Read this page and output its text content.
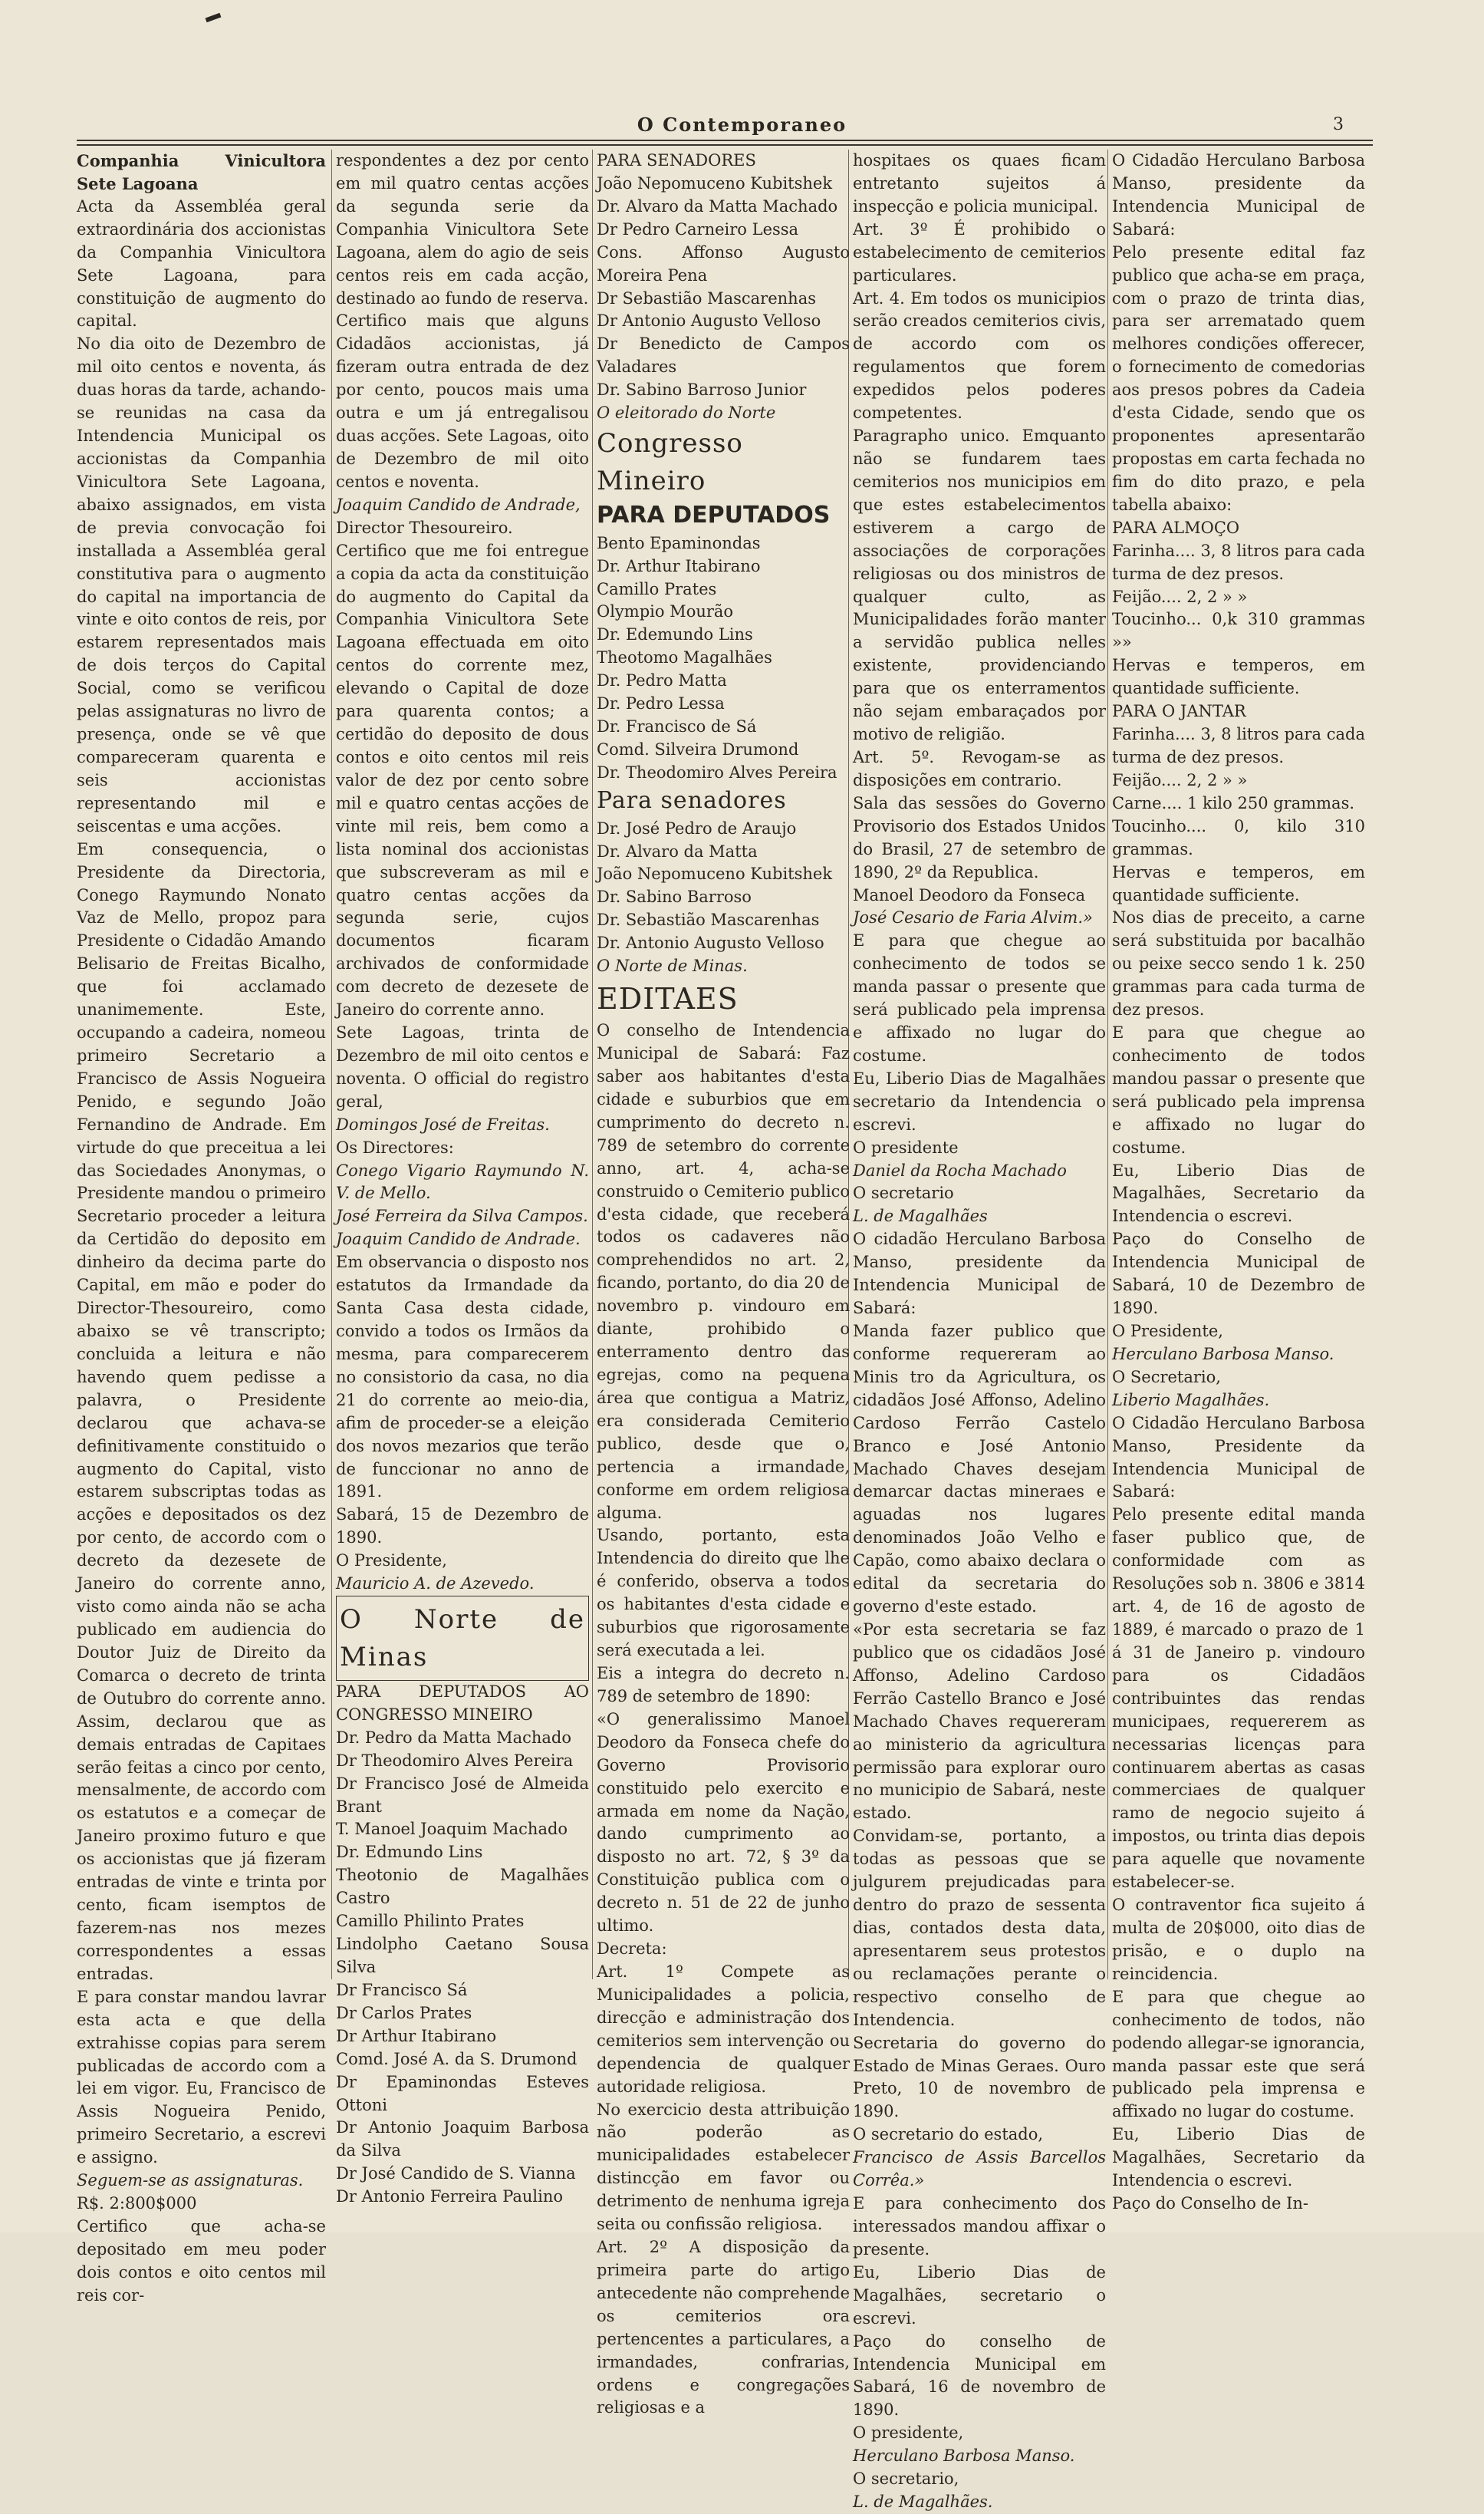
O Contemporaneo	3

Companhia Vinicultora Sete Lagoana

Acta da Assembléa geral extraordinária dos accionistas da Companhia Vinicultora Sete Lagoana, para constituição de augmento do capital.

No dia oito de Dezembro de mil oito centos e noventa, ás duas horas da tarde, achando-se reunidas na casa da Intendencia Municipal os accionistas da Companhia Vinicultora Sete Lagoana, abaixo assignados, em vista de previa convocação foi installada a Assembléa geral constitutiva para o augmento do capital na importancia de vinte e oito contos de reis, por estarem representados mais de dois terços do Capital Social, como se verificou pelas assignaturas no livro de presença, onde se vê que compareceram quarenta e seis accionistas representando mil e seiscentas e uma acções.

Em consequencia, o Presidente da Directoria, Conego Raymundo Nonato Vaz de Mello, propoz para Presidente o Cidadão Amando Belisario de Freitas Bicalho, que foi acclamado unanimemente. Este, occupando a cadeira, nomeou primeiro Secretario a Francisco de Assis Nogueira Penido, e segundo João Fernandino de Andrade. Em virtude do que preceitua a lei das Sociedades Anonymas, o Presidente mandou o primeiro Secretario proceder a leitura da Certidão do deposito em dinheiro da decima parte do Capital, em mão e poder do Director-Thesoureiro, como abaixo se vê transcripto; concluida a leitura e não havendo quem pedisse a palavra, o Presidente declarou que achava-se definitivamente constituido o augmento do Capital, visto estarem subscriptas todas as acções e depositados os dez por cento, de accordo com o decreto da dezesete de Janeiro do corrente anno, visto como ainda não se acha publicado em audiencia do Doutor Juiz de Direito da Comarca o decreto de trinta de Outubro do corrente anno. Assim, declarou que as demais entradas de Capitaes serão feitas a cinco por cento, mensalmente, de accordo com os estatutos e a começar de Janeiro proximo futuro e que os accionistas que já fizeram entradas de vinte e trinta por cento, ficam isemptos de fazerem-nas nos mezes correspondentes a essas entradas.

E para constar mandou lavrar esta acta e que della extrahisse copias para serem publicadas de accordo com a lei em vigor. Eu, Francisco de Assis Nogueira Penido, primeiro Secretario, a escrevi e assigno.

Seguem-se as assignaturas.

R$. 2:800$000

Certifico que acha-se depositado em meu poder dois contos e oito centos mil reis cor-

respondentes a dez por cento em mil quatro centas acções da segunda serie da Companhia Vinicultora Sete Lagoana, alem do agio de seis centos reis em cada acção, destinado ao fundo de reserva.

Certifico mais que alguns Cidadãos accionistas, já fizeram outra entrada de dez por cento, poucos mais uma outra e um já entregalisou duas acções. Sete Lagoas, oito de Dezembro de mil oito centos e noventa.

Joaquim Candido de Andrade,

Director Thesoureiro.

Certifico que me foi entregue a copia da acta da constituição do augmento do Capital da Companhia Vinicultora Sete Lagoana effectuada em oito centos do corrente mez, elevando o Capital de doze para quarenta contos; a certidão do deposito de dous contos e oito centos mil reis valor de dez por cento sobre mil e quatro centas acções de vinte mil reis, bem como a lista nominal dos accionistas que subscreveram as mil e quatro centas acções da segunda serie, cujos documentos ficaram archivados de conformidade com decreto de dezesete de Janeiro do corrente anno.

Sete Lagoas, trinta de Dezembro de mil oito centos e noventa. O official do registro geral,

Domingos José de Freitas.

Os Directores:

Conego Vigario Raymundo N. V. de Mello.

José Ferreira da Silva Campos.

Joaquim Candido de Andrade.

Em observancia o disposto nos estatutos da Irmandade da Santa Casa desta cidade, convido a todos os Irmãos da mesma, para comparecerem no consistorio da casa, no dia 21 do corrente ao meio-dia, afim de proceder-se a eleição dos novos mezarios que terão de funccionar no anno de 1891.

Sabará, 15 de Dezembro de 1890.

O Presidente,

Mauricio A. de Azevedo.

O Norte de Minas

PARA DEPUTADOS AO CONGRESSO MINEIRO

Dr. Pedro da Matta Machado

Dr Theodomiro Alves Pereira

Dr Francisco José de Almeida Brant

T. Manoel Joaquim Machado

Dr. Edmundo Lins

Theotonio de Magalhães Castro

Camillo Philinto Prates

Lindolpho Caetano Sousa Silva

Dr Francisco Sá

Dr Carlos Prates

Dr Arthur Itabirano

Comd. José A. da S. Drumond

Dr Epaminondas Esteves Ottoni

Dr Antonio Joaquim Barbosa da Silva

Dr José Candido de S. Vianna

Dr Antonio Ferreira Paulino

PARA SENADORES

João Nepomuceno Kubitshek

Dr. Alvaro da Matta Machado

Dr Pedro Carneiro Lessa

Cons. Affonso Augusto Moreira Pena

Dr Sebastião Mascarenhas

Dr Antonio Augusto Velloso

Dr Benedicto de Campos Valadares

Dr. Sabino Barroso Junior

O eleitorado do Norte

Congresso Mineiro

PARA DEPUTADOS

Bento Epaminondas

Dr. Arthur Itabirano

Camillo Prates

Olympio Mourão

Dr. Edemundo Lins

Theotomo Magalhães

Dr. Pedro Matta

Dr. Pedro Lessa

Dr. Francisco de Sá

Comd. Silveira Drumond

Dr. Theodomiro Alves Pereira

Para senadores

Dr. José Pedro de Araujo

Dr. Alvaro da Matta

João Nepomuceno Kubitshek

Dr. Sabino Barroso

Dr. Sebastião Mascarenhas

Dr. Antonio Augusto Velloso

O Norte de Minas.

EDITAES

O conselho de Intendencia Municipal de Sabará: Faz saber aos habitantes d'esta cidade e suburbios que em cumprimento do decreto n. 789 de setembro do corrente anno, art. 4, acha-se construido o Cemiterio publico d'esta cidade, que receberá todos os cadaveres não comprehendidos no art. 2, ficando, portanto, do dia 20 de novembro p. vindouro em diante, prohibido o enterramento dentro das egrejas, como na pequena área que contigua a Matriz, era considerada Cemiterio publico, desde que o, pertencia a irmandade, conforme em ordem religiosa alguma.

Usando, portanto, esta Intendencia do direito que lhe é conferido, observa a todos os habitantes d'esta cidade e suburbios que rigorosamente será executada a lei.

Eis a integra do decreto n. 789 de setembro de 1890:

«O generalissimo Manoel Deodoro da Fonseca chefe do Governo Provisorio constituido pelo exercito e armada em nome da Nação, dando cumprimento ao disposto no art. 72, § 3º da Constituição publica com o decreto n. 51 de 22 de junho ultimo.

Decreta:

Art. 1º Compete as Municipalidades a policia, direcção e administração dos cemiterios sem intervenção ou dependencia de qualquer autoridade religiosa.

No exercicio desta attribuição não poderão as municipalidades estabelecer distincção em favor ou detrimento de nenhuma igreja seita ou confissão religiosa.

Art. 2º A disposição da primeira parte do artigo antecedente não comprehende os cemiterios ora pertencentes a particulares, a irmandades, confrarias, ordens e congregações religiosas e a

hospitaes os quaes ficam entretanto sujeitos á inspecção e policia municipal.

Art. 3º É prohibido o estabelecimento de cemiterios particulares.

Art. 4. Em todos os municipios serão creados cemiterios civis, de accordo com os regulamentos que forem expedidos pelos poderes competentes.

Paragrapho unico. Emquanto não se fundarem taes cemiterios nos municipios em que estes estabelecimentos estiverem a cargo de associações de corporações religiosas ou dos ministros de qualquer culto, as Municipalidades forão manter a servidão publica nelles existente, providenciando para que os enterramentos não sejam embaraçados por motivo de religião.

Art. 5º. Revogam-se as disposições em contrario.

Sala das sessões do Governo Provisorio dos Estados Unidos do Brasil, 27 de setembro de 1890, 2º da Republica.

Manoel Deodoro da Fonseca

José Cesario de Faria Alvim.»

E para que chegue ao conhecimento de todos se manda passar o presente que será publicado pela imprensa e affixado no lugar do costume.

Eu, Liberio Dias de Magalhães secretario da Intendencia o escrevi.

O presidente

Daniel da Rocha Machado

O secretario

L. de Magalhães

O cidadão Herculano Barbosa Manso, presidente da Intendencia Municipal de Sabará:

Manda fazer publico que conforme requereram ao Minis tro da Agricultura, os cidadãos José Affonso, Adelino Cardoso Ferrão Castelo Branco e José Antonio Machado Chaves desejam demarcar dactas mineraes e aguadas nos lugares denominados João Velho e Capão, como abaixo declara o edital da secretaria do governo d'este estado.

«Por esta secretaria se faz publico que os cidadãos José Affonso, Adelino Cardoso Ferrão Castello Branco e José Machado Chaves requereram ao ministerio da agricultura permissão para explorar ouro no municipio de Sabará, neste estado.

Convidam-se, portanto, a todas as pessoas que se julgurem prejudicadas para dentro do prazo de sessenta dias, contados desta data, apresentarem seus protestos ou reclamações perante o respectivo conselho de Intendencia.

Secretaria do governo do Estado de Minas Geraes. Ouro Preto, 10 de novembro de 1890.

O secretario do estado,

Francisco de Assis Barcellos Corrêa.»

E para conhecimento dos interessados mandou affixar o presente.

Eu, Liberio Dias de Magalhães, secretario o escrevi.

Paço do conselho de Intendencia Municipal em Sabará, 16 de novembro de 1890.

O presidente,

Herculano Barbosa Manso.

O secretario,

L. de Magalhães.

O Cidadão Herculano Barbosa Manso, presidente da Intendencia Municipal de Sabará:

Pelo presente edital faz publico que acha-se em praça, com o prazo de trinta dias, para ser arrematado quem melhores condições offerecer, o fornecimento de comedorias aos presos pobres da Cadeia d'esta Cidade, sendo que os proponentes apresentarão propostas em carta fechada no fim do dito prazo, e pela tabella abaixo:

PARA ALMOÇO

Farinha.... 3, 8 litros para cada turma de dez presos.

Feijão.... 2, 2 » »

Toucinho... 0,k 310 grammas »»

Hervas e temperos, em quantidade sufficiente.

PARA O JANTAR

Farinha.... 3, 8 litros para cada turma de dez presos.

Feijão.... 2, 2 » »

Carne.... 1 kilo 250 grammas.

Toucinho.... 0, kilo 310 grammas.

Hervas e temperos, em quantidade sufficiente.

Nos dias de preceito, a carne será substituida por bacalhão ou peixe secco sendo 1 k. 250 grammas para cada turma de dez presos.

E para que chegue ao conhecimento de todos mandou passar o presente que será publicado pela imprensa e affixado no lugar do costume.

Eu, Liberio Dias de Magalhães, Secretario da Intendencia o escrevi.

Paço do Conselho de Intendencia Municipal de Sabará, 10 de Dezembro de 1890.

O Presidente,

Herculano Barbosa Manso.

O Secretario,

Liberio Magalhães.

O Cidadão Herculano Barbosa Manso, Presidente da Intendencia Municipal de Sabará:

Pelo presente edital manda faser publico que, de conformidade com as Resoluções sob n. 3806 e 3814 art. 4, de 16 de agosto de 1889, é marcado o prazo de 1 á 31 de Janeiro p. vindouro para os Cidadãos contribuintes das rendas municipaes, requererem as necessarias licenças para continuarem abertas as casas commerciaes de qualquer ramo de negocio sujeito á impostos, ou trinta dias depois para aquelle que novamente estabelecer-se.

O contraventor fica sujeito á multa de 20$000, oito dias de prisão, e o duplo na reincidencia.

E para que chegue ao conhecimento de todos, não podendo allegar-se ignorancia, manda passar este que será publicado pela imprensa e affixado no lugar do costume.

Eu, Liberio Dias de Magalhães, Secretario da Intendencia o escrevi.

Paço do Conselho de In-
